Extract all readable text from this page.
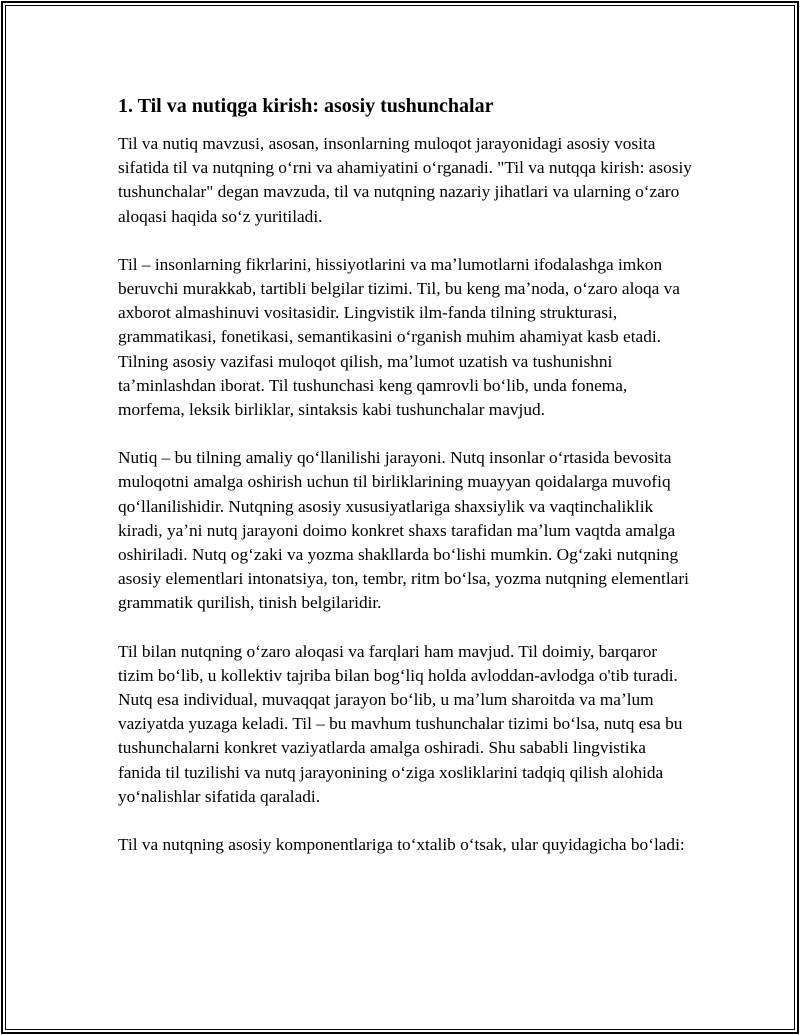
1. Til va nutiqga kirish: asosiy tushunchalar

Til va nutiq mavzusi, asosan, insonlarning muloqot jarayonidagi asosiy vosita sifatida til va nutqning oʻrni va ahamiyatini oʻrganadi. "Til va nutqqa kirish: asosiy tushunchalar" degan mavzuda, til va nutqning nazariy jihatlari va ularning oʻzaro aloqasi haqida soʻz yuritiladi.

Til – insonlarning fikrlarini, hissiyotlarini va maʼlumotlarni ifodalashga imkon beruvchi murakkab, tartibli belgilar tizimi. Til, bu keng maʼnoda, oʻzaro aloqa va axborot almashinuvi vositasidir. Lingvistik ilm-fanda tilning strukturasi, grammatikasi, fonetikasi, semantikasini oʻrganish muhim ahamiyat kasb etadi. Tilning asosiy vazifasi muloqot qilish, maʼlumot uzatish va tushunishni taʼminlashdan iborat. Til tushunchasi keng qamrovli boʻlib, unda fonema, morfema, leksik birliklar, sintaksis kabi tushunchalar mavjud.

Nutiq – bu tilning amaliy qoʻllanilishi jarayoni. Nutq insonlar oʻrtasida bevosita muloqotni amalga oshirish uchun til birliklarining muayyan qoidalarga muvofiq qoʻllanilishidir. Nutqning asosiy xususiyatlariga shaxsiylik va vaqtinchaliklik kiradi, yaʼni nutq jarayoni doimo konkret shaxs tarafidan maʼlum vaqtda amalga oshiriladi. Nutq ogʻzaki va yozma shakllarda boʻlishi mumkin. Ogʻzaki nutqning asosiy elementlari intonatsiya, ton, tembr, ritm boʻlsa, yozma nutqning elementlari grammatik qurilish, tinish belgilaridir.

Til bilan nutqning oʻzaro aloqasi va farqlari ham mavjud. Til doimiy, barqaror tizim boʻlib, u kollektiv tajriba bilan bogʻliq holda avloddan-avlodga o'tib turadi. Nutq esa individual, muvaqqat jarayon boʻlib, u maʼlum sharoitda va maʼlum vaziyatda yuzaga keladi. Til – bu mavhum tushunchalar tizimi boʻlsa, nutq esa bu tushunchalarni konkret vaziyatlarda amalga oshiradi. Shu sababli lingvistika fanida til tuzilishi va nutq jarayonining oʻziga xosliklarini tadqiq qilish alohida yoʻnalishlar sifatida qaraladi.

Til va nutqning asosiy komponentlariga toʻxtalib oʻtsak, ular quyidagicha boʻladi:
